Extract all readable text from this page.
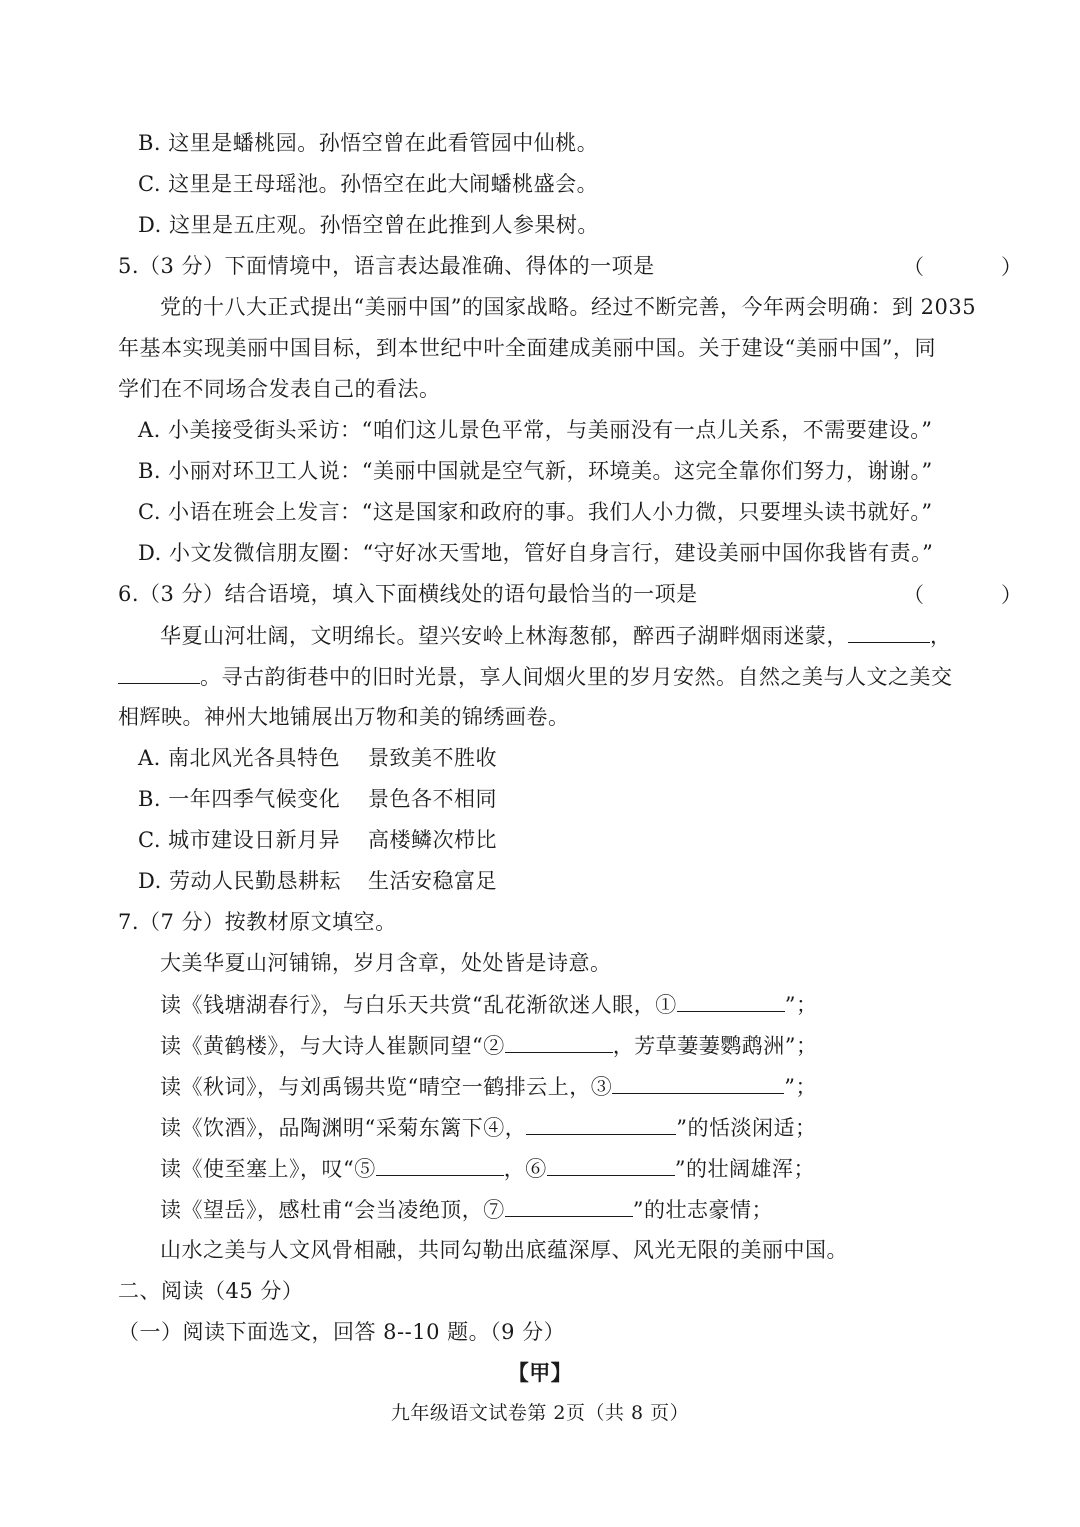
B. 这里是蟠桃园。孙悟空曾在此看管园中仙桃。
C. 这里是王母瑶池。孙悟空在此大闹蟠桃盛会。
D. 这里是五庄观。孙悟空曾在此推到人参果树。
5.（3 分）下面情境中，语言表达最准确、得体的一项是	（　）
党的十八大正式提出“美丽中国”的国家战略。经过不断完善，今年两会明确：到 2035
年基本实现美丽中国目标，到本世纪中叶全面建成美丽中国。关于建设“美丽中国”，同
学们在不同场合发表自己的看法。
A. 小美接受街头采访：“咱们这儿景色平常，与美丽没有一点儿关系，不需要建设。”
B. 小丽对环卫工人说：“美丽中国就是空气新，环境美。这完全靠你们努力，谢谢。”
C. 小语在班会上发言：“这是国家和政府的事。我们人小力微，只要埋头读书就好。”
D. 小文发微信朋友圈：“守好冰天雪地，管好自身言行，建设美丽中国你我皆有责。”
6.（3 分）结合语境，填入下面横线处的语句最恰当的一项是	（　）
华夏山河壮阔，文明绵长。望兴安岭上林海葱郁，醉西子湖畔烟雨迷蒙，	，
。寻古韵街巷中的旧时光景，享人间烟火里的岁月安然。自然之美与人文之美交
相辉映。神州大地铺展出万物和美的锦绣画卷。
A. 南北风光各具特色 景致美不胜收
B. 一年四季气候变化 景色各不相同
C. 城市建设日新月异 高楼鳞次栉比
D. 劳动人民勤恳耕耘 生活安稳富足
7.（7 分）按教材原文填空。
大美华夏山河铺锦，岁月含章，处处皆是诗意。
读《钱塘湖春行》，与白乐天共赏“乱花渐欲迷人眼，①	”；
读《黄鹤楼》，与大诗人崔颢同望“②	，芳草萋萋鹦鹉洲”；
读《秋词》，与刘禹锡共览“晴空一鹤排云上，③	”；
读《饮酒》，品陶渊明“采菊东篱下④，	”的恬淡闲适；
读《使至塞上》，叹“⑤	，⑥	”的壮阔雄浑；
读《望岳》，感杜甫“会当凌绝顶，⑦	”的壮志豪情；
山水之美与人文风骨相融，共同勾勒出底蕴深厚、风光无限的美丽中国。
二、阅读（45 分）
（一）阅读下面选文，回答 8--10 题。（9 分）
【甲】
九年级语文试卷第 2页（共 8 页）
